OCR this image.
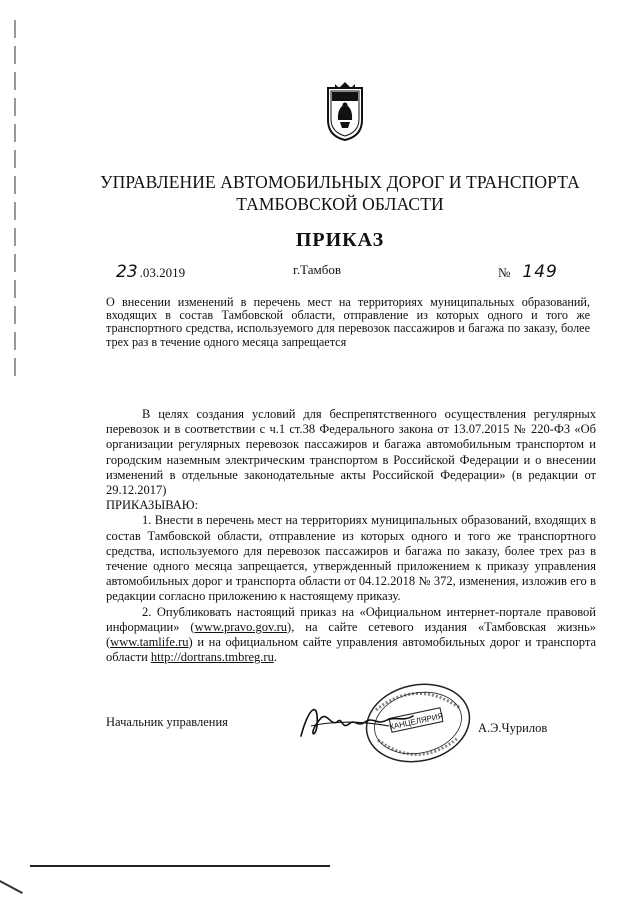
УПРАВЛЕНИЕ АВТОМОБИЛЬНЫХ ДОРОГ И ТРАНСПОРТА
ТАМБОВСКОЙ ОБЛАСТИ
ПРИКАЗ
23 .03.2019	г.Тамбов	№ 149
О внесении изменений в перечень мест на территориях муниципальных образований, входящих в состав Тамбовской области, отправление из которых одного и того же транспортного средства, используемого для перевозок пассажиров и багажа по заказу, более трех раз в течение одного месяца запрещается

В целях создания условий для беспрепятственного осуществления регулярных перевозок и в соответствии с ч.1 ст.38 Федерального закона от 13.07.2015 № 220-ФЗ «Об организации регулярных перевозок пассажиров и багажа автомобильным транспортом и городским наземным электрическим транспортом в Российской Федерации и о внесении изменений в отдельные законодательные акты Российской Федерации» (в редакции от 29.12.2017)

ПРИКАЗЫВАЮ:

1. Внести в перечень мест на территориях муниципальных образований, входящих в состав Тамбовской области, отправление из которых одного и того же транспортного средства, используемого для перевозок пассажиров и багажа по заказу, более трех раз в течение одного месяца запрещается, утвержденный приложением к приказу управления автомобильных дорог и транспорта области от 04.12.2018 № 372, изменения, изложив его в редакции согласно приложению к настоящему приказу.

2. Опубликовать настоящий приказ на «Официальном интернет-портале правовой информации» (www.pravo.gov.ru), на сайте сетевого издания «Тамбовская жизнь» (www.tamlife.ru) и на официальном сайте управления автомобильных дорог и транспорта области http://dortrans.tmbreg.ru.

Начальник управления	КАНЦЕЛЯРИЯ	А.Э.Чурилов
